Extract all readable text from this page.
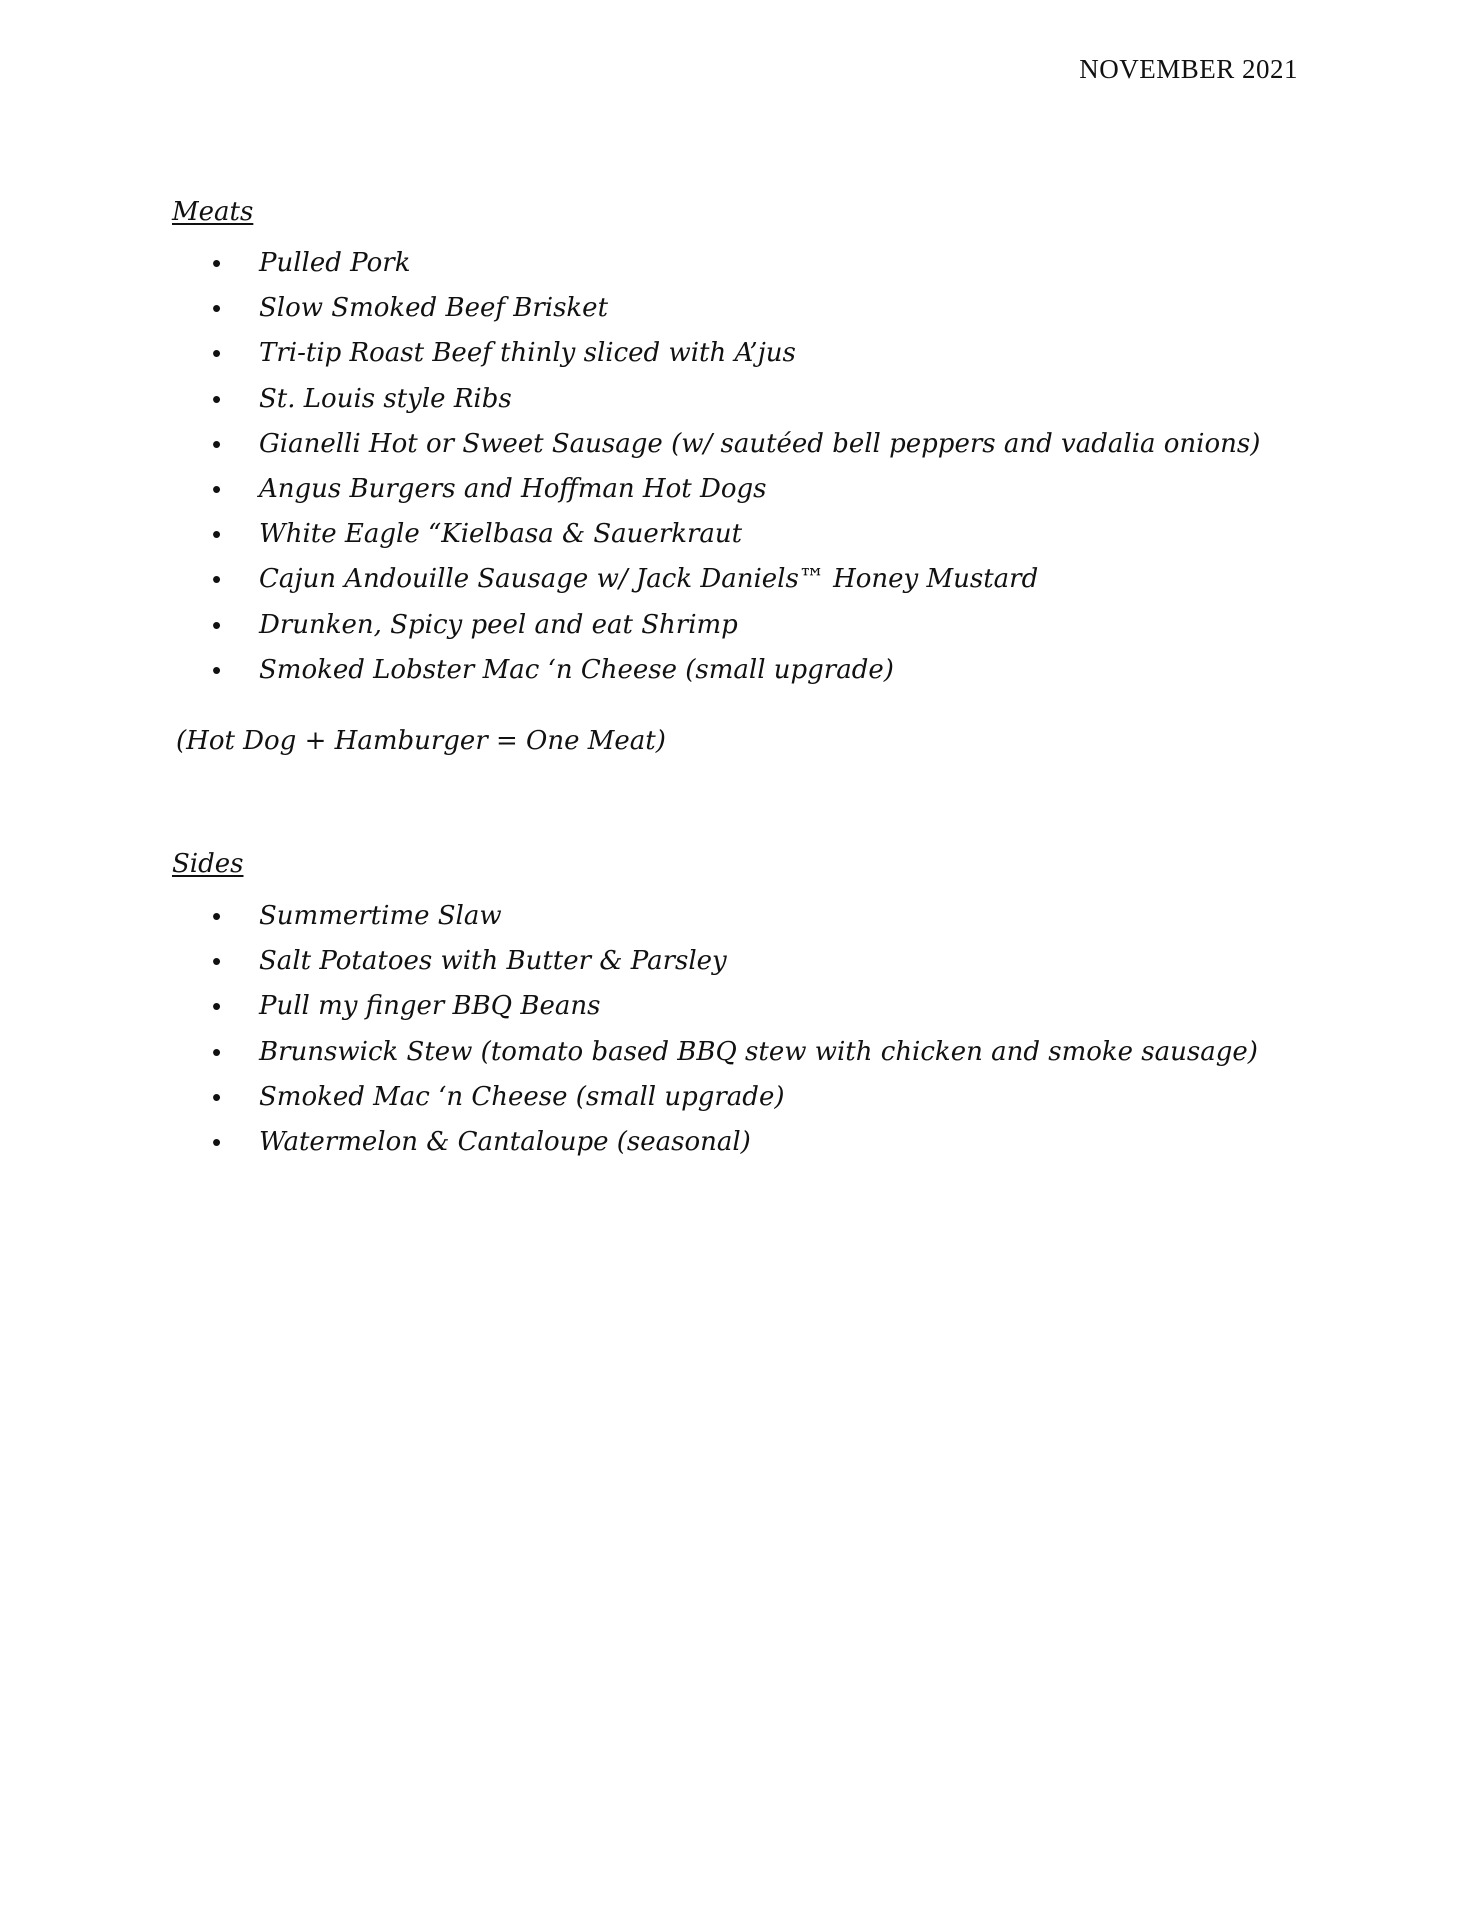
NOVEMBER 2021
Meats
• Pulled Pork
• Slow Smoked Beef Brisket
• Tri-tip Roast Beef thinly sliced with A’jus
• St. Louis style Ribs
• Gianelli Hot or Sweet Sausage (w/ sautéed bell peppers and vadalia onions)
• Angus Burgers and Hoffman Hot Dogs
• White Eagle “Kielbasa & Sauerkraut
• Cajun Andouille Sausage w/ Jack Daniels™ Honey Mustard
• Drunken, Spicy peel and eat Shrimp
• Smoked Lobster Mac ‘n Cheese (small upgrade)
(Hot Dog + Hamburger = One Meat)
Sides
• Summertime Slaw
• Salt Potatoes with Butter & Parsley
• Pull my finger BBQ Beans
• Brunswick Stew (tomato based BBQ stew with chicken and smoke sausage)
• Smoked Mac ‘n Cheese (small upgrade)
• Watermelon & Cantaloupe (seasonal)
